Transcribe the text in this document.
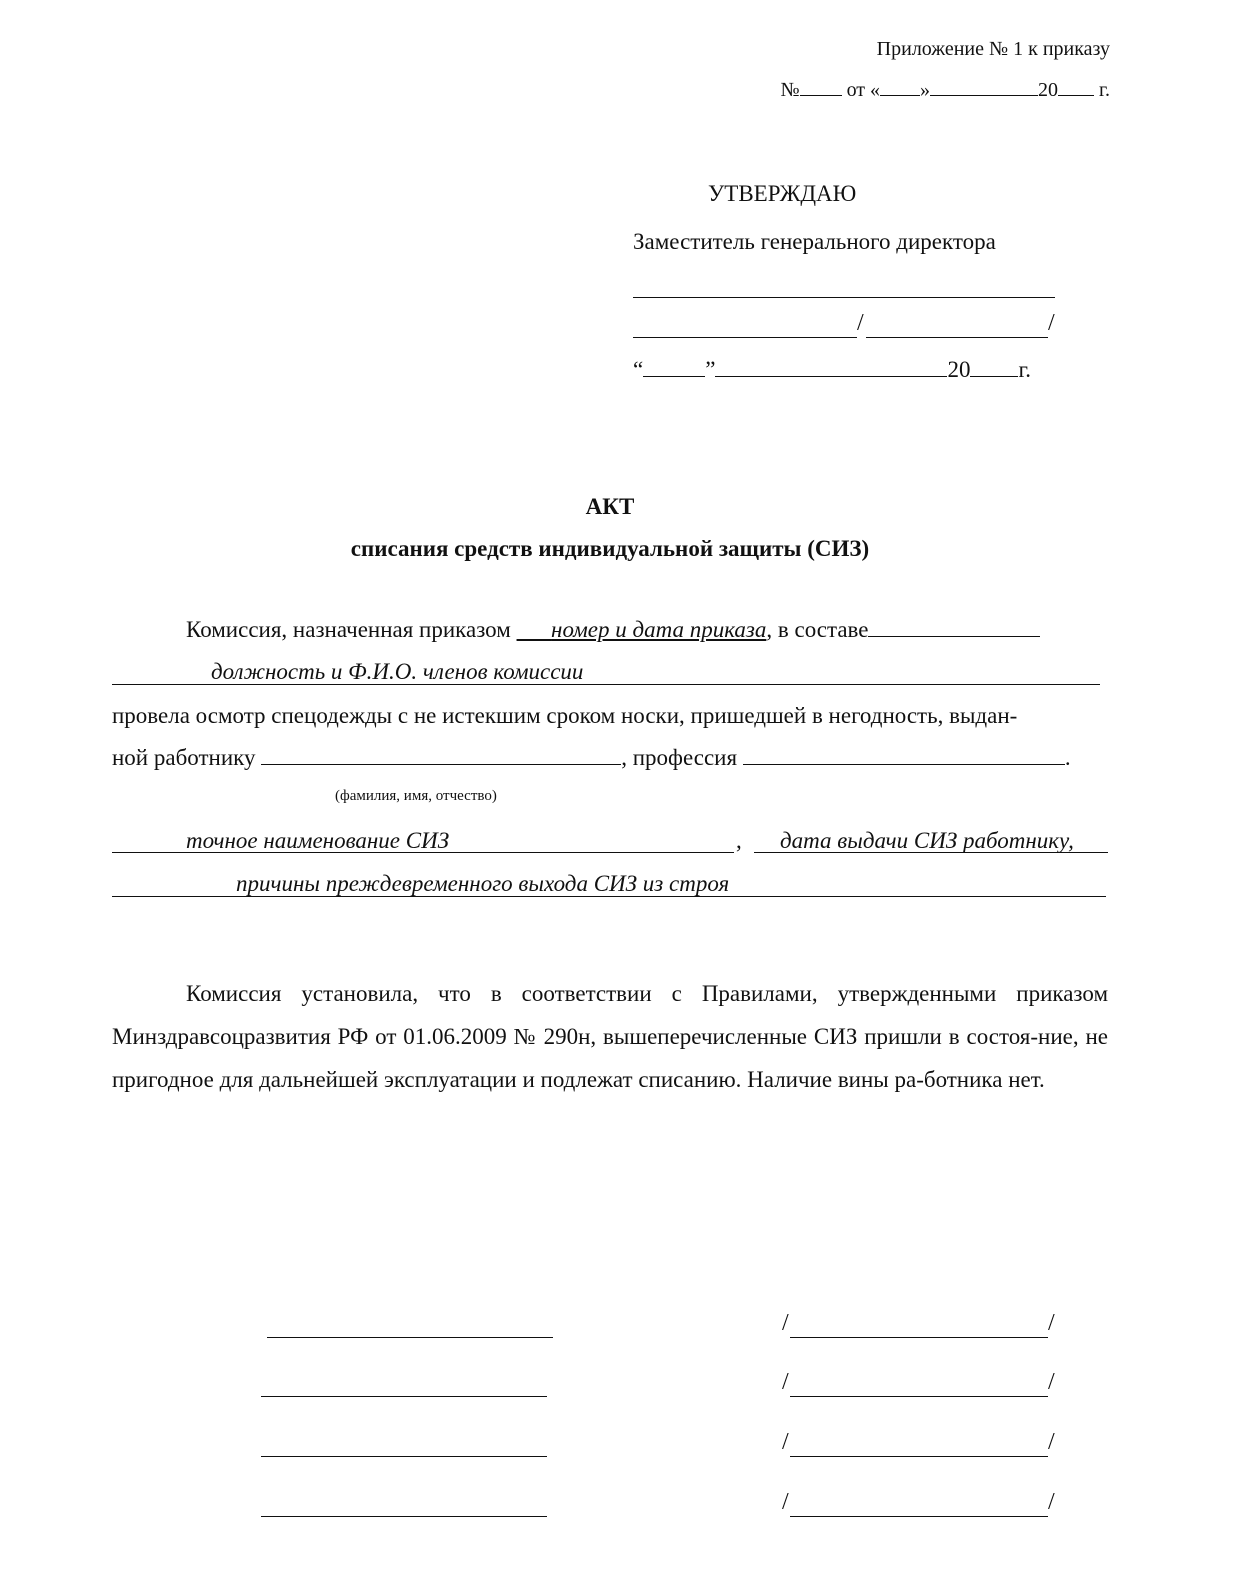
Приложение № 1 к приказу
№ от « »	20 г.
УТВЕРЖДАЮ
Заместитель генерального директора
/	/
“	”	20 г.
АКТ
списания средств индивидуальной защиты (СИЗ)
Комиссия, назначенная приказом номер и дата приказа, в составе
должность и Ф.И.О. членов комиссии
провела осмотр спецодежды с не истекшим сроком носки, пришедшей в негодность, выдан-
ной работнику	, профессия	.
(фамилия, имя, отчество)
точное наименование СИЗ	, дата выдачи СИЗ работнику,
причины преждевременного выхода СИЗ из строя
Комиссия установила, что в соответствии с Правилами, утвержденными приказом Минздравсоцразвития РФ от 01.06.2009 № 290н, вышеперечисленные СИЗ пришли в состоя-ние, не пригодное для дальнейшей эксплуатации и подлежат списанию. Наличие вины ра-ботника нет.
/	/
/	/
/	/
/	/
